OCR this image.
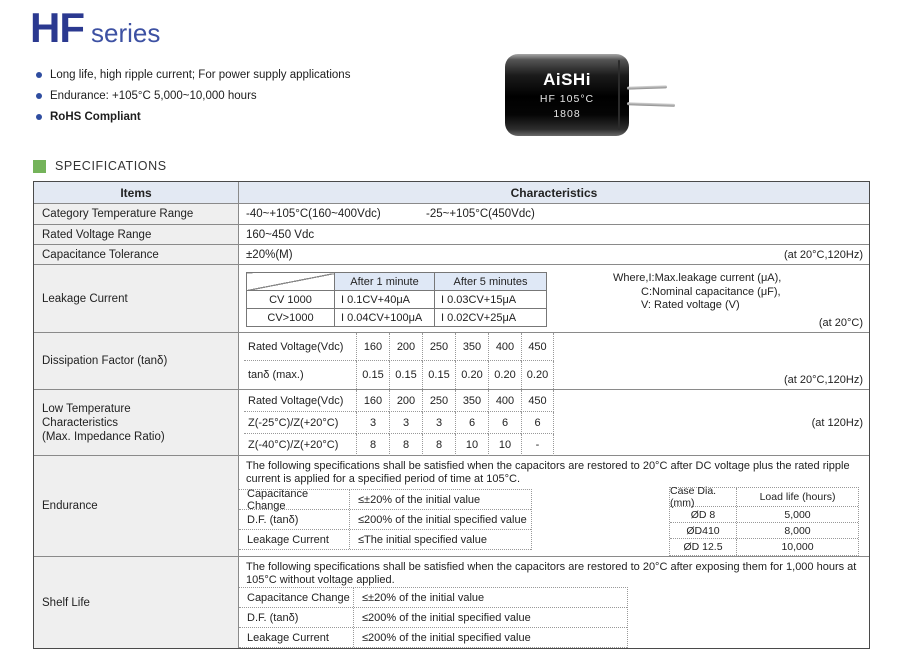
HF series
Long life, high ripple current; For power supply applications
Endurance: +105°C 5,000~10,000 hours
RoHS Compliant
AiSHi
HF 105°C
1808
SPECIFICATIONS
Items	Characteristics
Category Temperature Range	-40~+105°C(160~400Vdc)	-25~+105°C(450Vdc)
Rated Voltage Range	160~450 Vdc
Capacitance Tolerance	±20%(M)	(at 20°C,120Hz)
Leakage Current
	After 1 minute	After 5 minutes
CV 1000	I 0.1CV+40μA	I 0.03CV+15μA
CV>1000	I 0.04CV+100μA	I 0.02CV+25μA
Where,I:Max.leakage current (μA),
C:Nominal capacitance (μF),
V: Rated voltage (V)
(at 20°C)
Dissipation Factor (tanδ)
Rated Voltage(Vdc)	160	200	250	350	400	450
tanδ (max.)	0.15	0.15	0.15	0.20	0.20	0.20	(at 20°C,120Hz)
Low Temperature
Characteristics
(Max. Impedance Ratio)
Rated Voltage(Vdc)	160	200	250	350	400	450
Z(-25°C)/Z(+20°C)	3	3	3	6	6	6
Z(-40°C)/Z(+20°C)	8	8	8	10	10	-
(at 120Hz)
Endurance
The following specifications shall be satisfied when the capacitors are restored to 20°C after DC voltage plus the rated ripple current is applied for a specified period of time at 105°C.
Capacitance Change	≤±20% of the initial value
D.F. (tanδ)	≤200% of the initial specified value
Leakage Current	≤The initial specified value
Case Dia.(mm)	Load life (hours)
ØD 8	5,000
ØD410	8,000
ØD 12.5	10,000
Shelf Life
The following specifications shall be satisfied when the capacitors are restored to 20°C after exposing them for 1,000 hours at 105°C without voltage applied.
Capacitance Change	≤±20% of the initial value
D.F. (tanδ)	≤200% of the initial specified value
Leakage Current	≤200% of the initial specified value
